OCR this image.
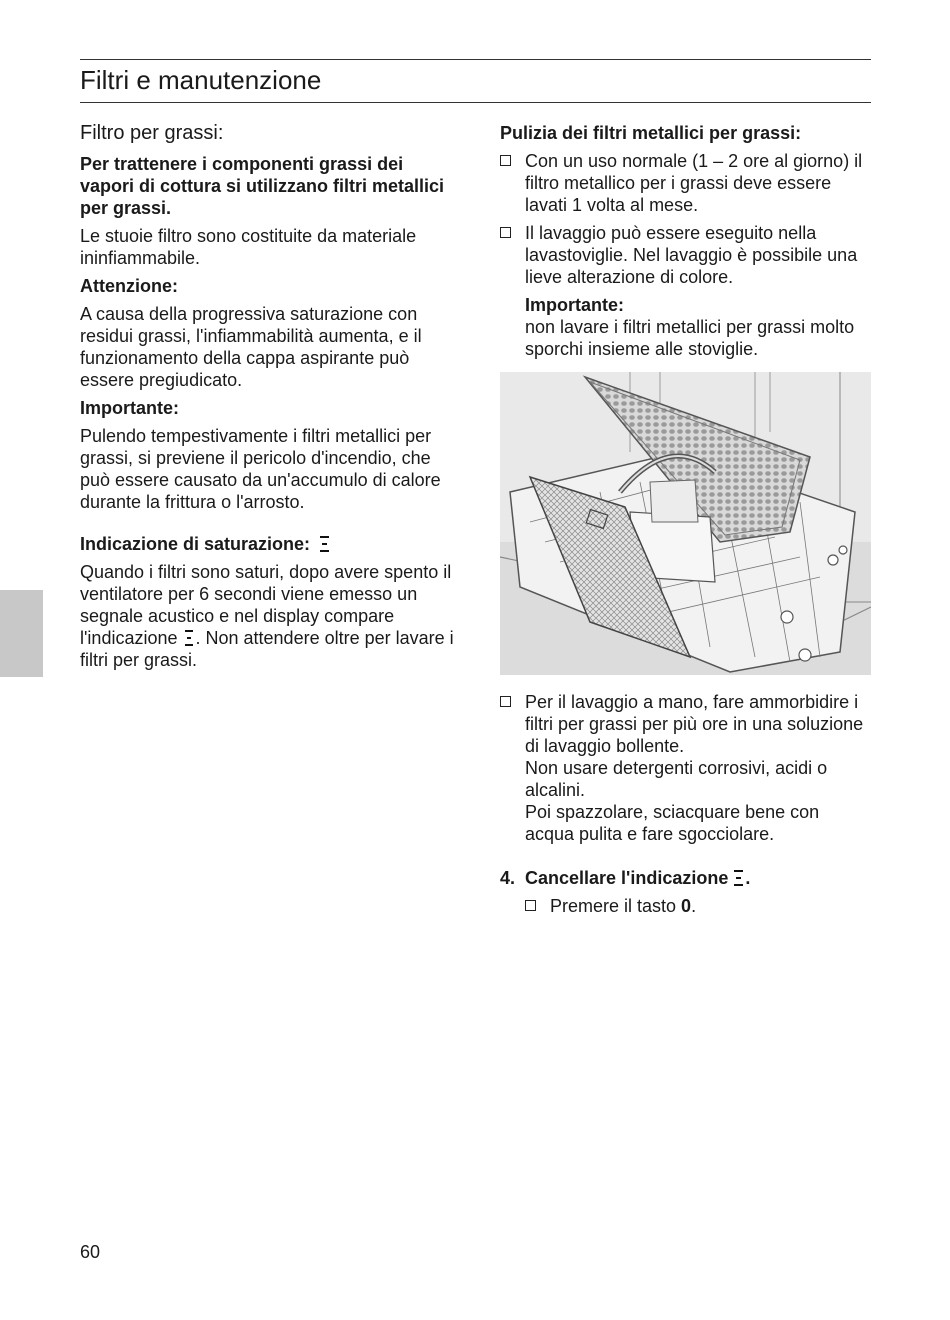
Filtri e manutenzione
Filtro per grassi:

Per trattenere i componenti grassi dei vapori di cottura si utilizzano filtri metallici per grassi.

Le stuoie filtro sono costituite da materiale ininfiammabile.

Attenzione:

A causa della progressiva saturazione con residui grassi, l'infiammabilità aumenta, e il funzionamento della cappa aspirante può essere pregiudicato.

Importante:

Pulendo tempestivamente i filtri metallici per grassi, si previene il pericolo d'incendio, che può essere causato da un'accumulo di calore durante la frittura o l'arrosto.

Indicazione di saturazione:

Quando i filtri sono saturi, dopo avere spento il ventilatore per 6 secondi viene emesso un segnale acustico e nel display compare l'indicazione . Non attendere oltre per lavare i filtri per grassi.

Pulizia dei filtri metallici per grassi:

Con un uso normale (1 – 2 ore al giorno) il filtro metallico per i grassi deve essere lavati 1 volta al mese.
Il lavaggio può essere eseguito nella lavastoviglie. Nel lavaggio è possibile una lieve alterazione di colore.

Importante:

non lavare i filtri metallici per grassi molto sporchi insieme alle stoviglie.

Per il lavaggio a mano, fare ammorbidire i filtri per grassi per più ore in una soluzione di lavaggio bollente.
Non usare detergenti corrosivi, acidi o alcalini.
Poi spazzolare, sciacquare bene con acqua pulita e fare sgocciolare.
4. Cancellare l'indicazione .
Premere il tasto 0.
60
